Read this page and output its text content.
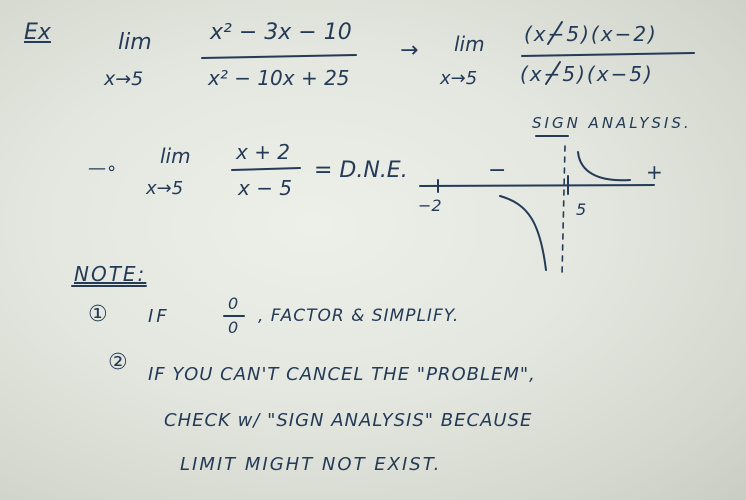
Ex	lim
x→5
x² − 3x − 10
x² − 10x + 25
→ lim
x→5
(x−5)(x−2)
(x−5)(x−5)
—∘
lim
x→5
x + 2
x − 5
= D.N.E.
SIGN ANALYSIS.
−	+
−2	5
NOTE:
① IF
0
0
, FACTOR & SIMPLIFY.
② IF YOU CAN'T CANCEL THE "PROBLEM",
CHECK w/ "SIGN ANALYSIS" BECAUSE
LIMIT MIGHT NOT EXIST.
